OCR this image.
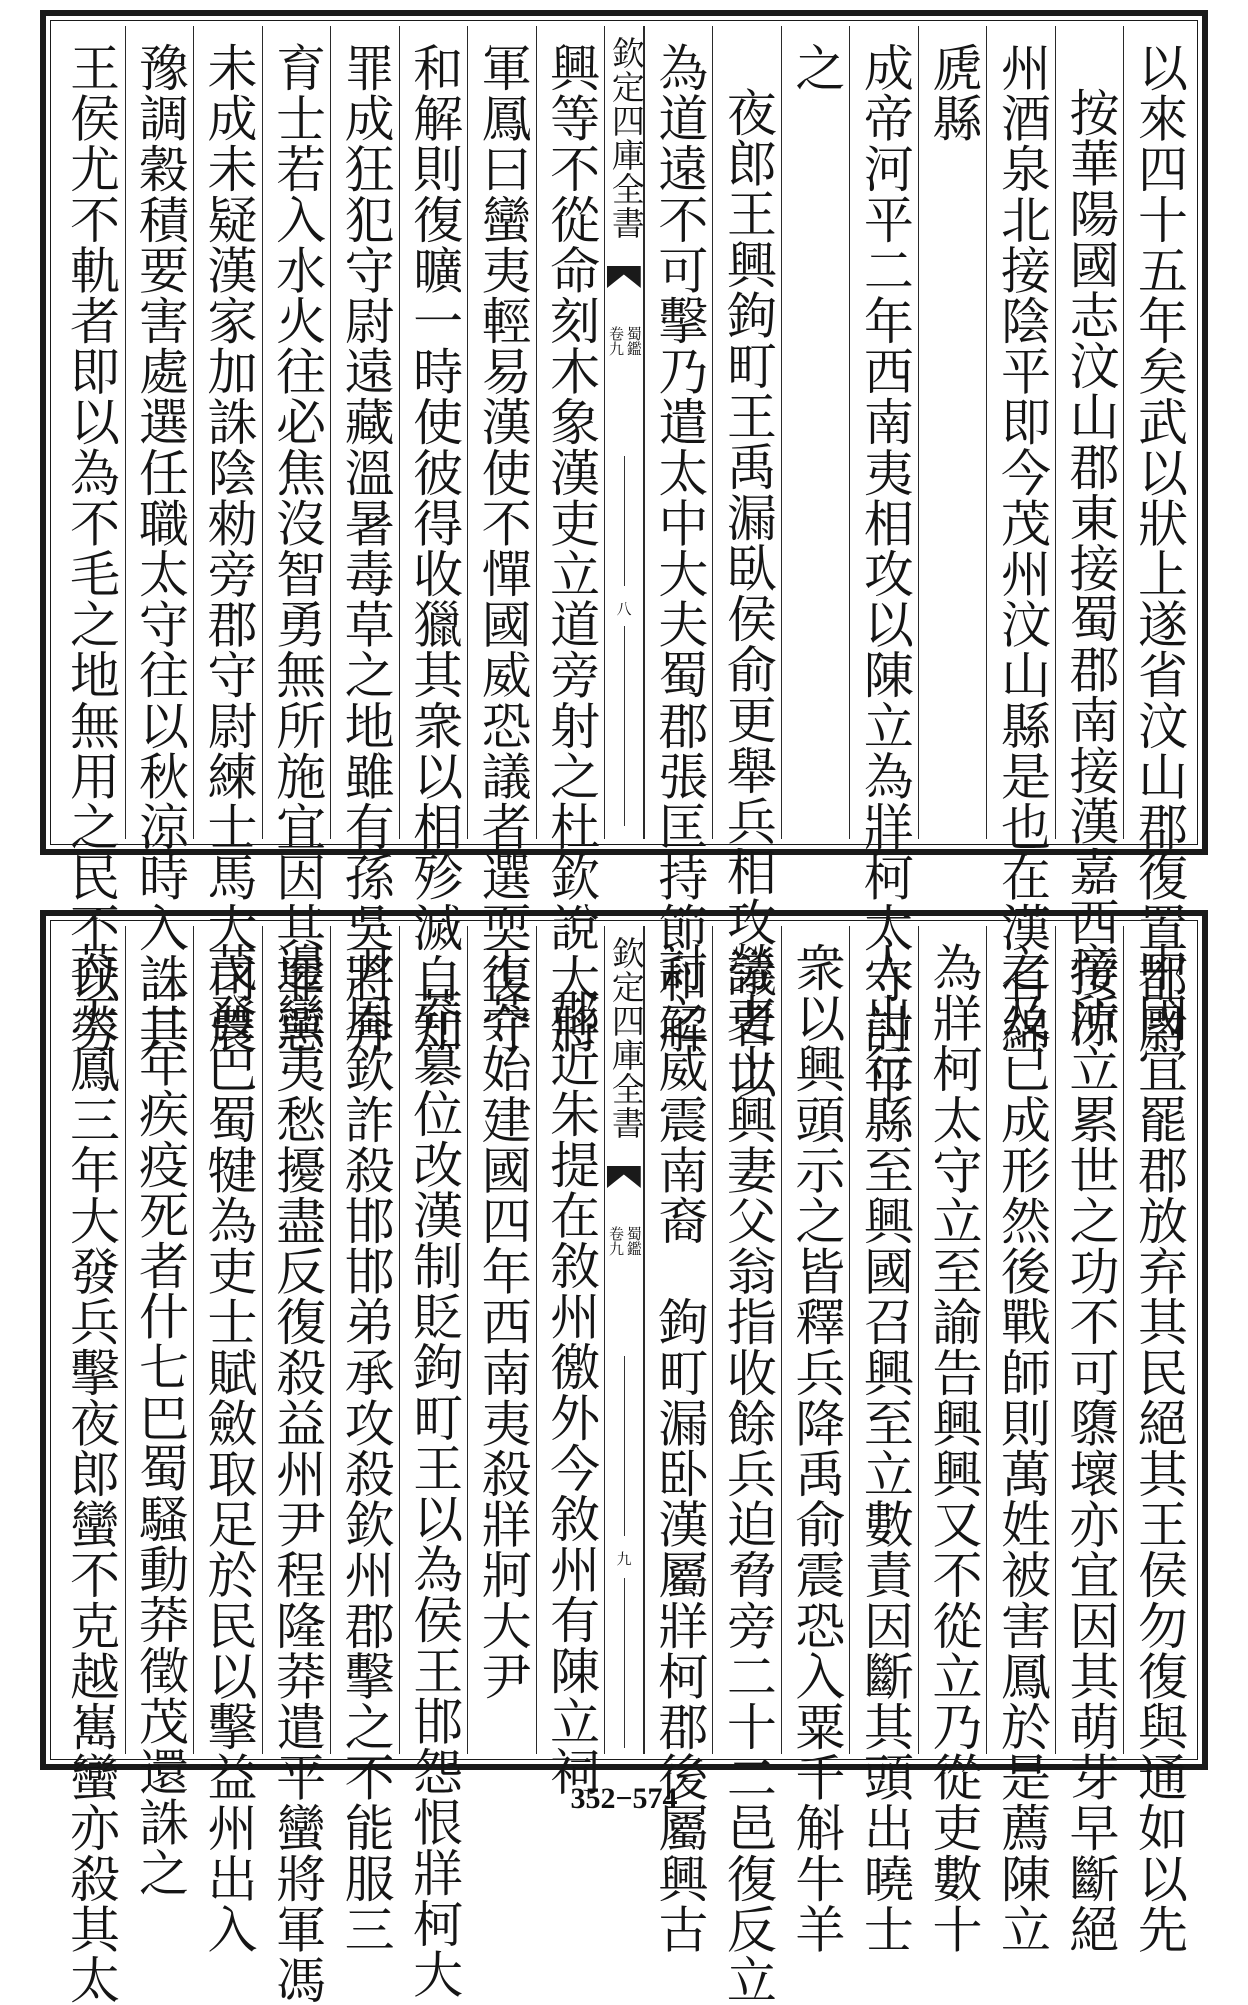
以來四十五年矣武以狀上遂省汶山郡復置都尉
按華陽國志汶山郡東接蜀郡南接漢嘉西接涼
州酒泉北接陰平即今茂州汶山縣是也在漢有綿
虒縣
成帝河平二年西南夷相攻以陳立為牂柯太守討平
之
夜郎王興鉤町王禹漏臥侯俞更舉兵相攻議者以
為道遠不可擊乃遣太中大夫蜀郡張匡持節和解
欽定四庫全書
蜀鑑
卷九
八
興等不從命刻木象漢吏立道旁射之杜欽說大將
軍鳳曰蠻夷輕易漢使不憚國威恐議者選耎復守
和解則復曠一時使彼得收獵其衆以相殄滅自知
罪成狂犯守尉遠藏溫暑毒草之地雖有孫吳將奔
育士若入水火往必焦沒智勇無所施宜因其罪惡
未成未疑漢家加誅陰勑旁郡守尉練士馬大司農
豫調穀積要害處選任職太守往以秋涼時入誅其
王侯尤不軌者即以為不毛之地無用之民不以勞
中國宜罷郡放弃其民絕其王侯勿復與通如以先
帝所立累世之功不可隳壞亦宜因其萌芽早斷絕
之及已成形然後戰師則萬姓被害鳳於是薦陳立
為牂柯太守立至諭告興興又不從立乃從吏數十
人出行縣至興國召興至立數責因斷其頭出曉士
衆以興頭示之皆釋兵降禹俞震恐入粟千斛牛羊
勞吏士興妻父翁指收餘兵迫脅旁二十二邑復反立
討之威震南裔　鉤町漏卧漢屬牂柯郡後屬興古
欽定四庫全書
蜀鑑
卷九
九
郡近朱提在敘州徼外今敘州有陳立祠
王莽始建國四年西南夷殺牂牁大尹
莽簒位改漢制貶鉤町王以為侯王邯怨恨牂柯大
尹周欽詐殺邯邯弟承攻殺欽州郡擊之不能服三
邊蠻夷愁擾盡反復殺益州尹程隆莽遣平蠻將軍馮
茂發巴蜀犍為吏士賦斂取足於民以擊益州出入
三年疾疫死者什七巴蜀騷動莽徵茂還誅之
莽天鳳三年大發兵擊夜郎蠻不克越嶲蠻亦殺其太	352−574
